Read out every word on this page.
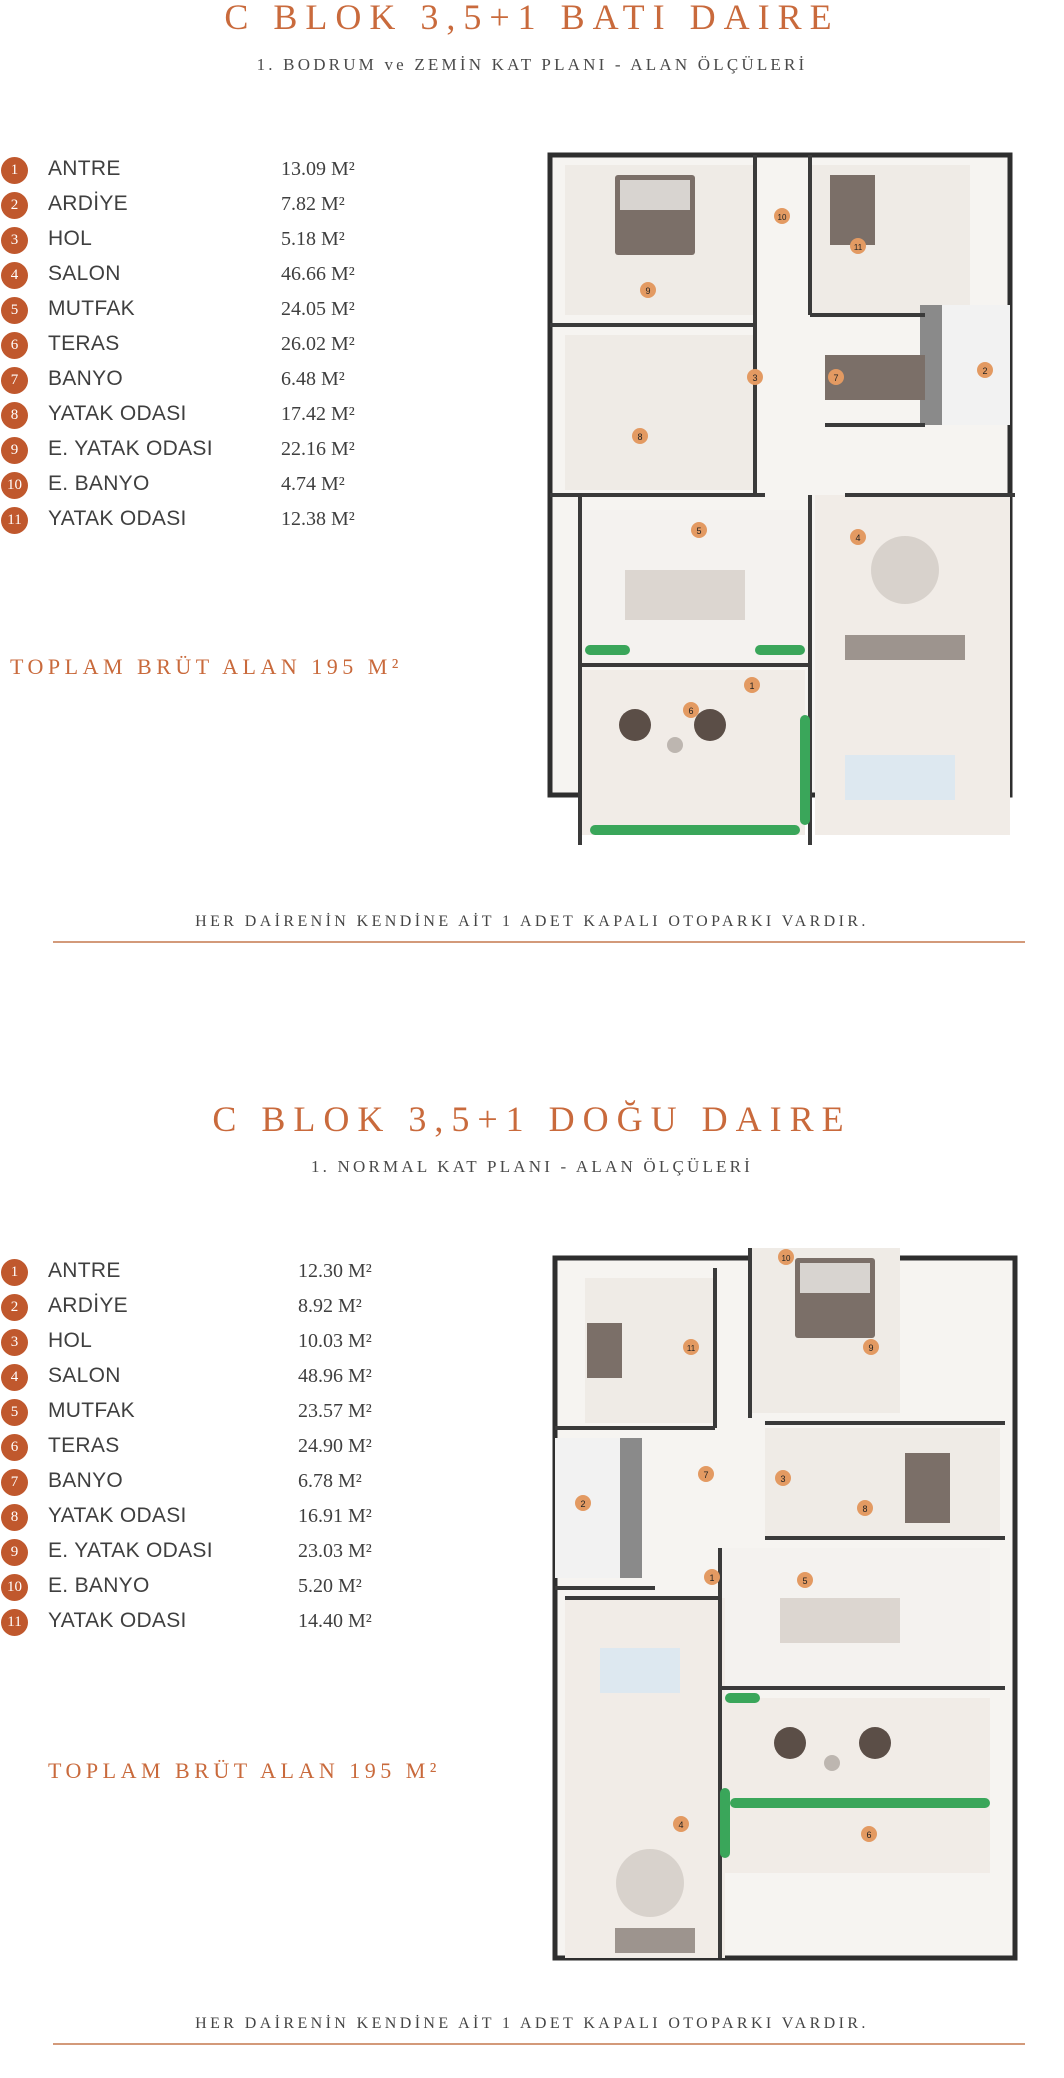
C BLOK 3,5+1 BATI DAIRE
1. BODRUM ve ZEMİN KAT PLANI - ALAN ÖLÇÜLERİ
1	ANTRE	13.09 M²
2	ARDİYE	7.82 M²
3	HOL	5.18 M²
4	SALON	46.66 M²
5	MUTFAK	24.05 M²
6	TERAS	26.02 M²
7	BANYO	6.48 M²
8	YATAK ODASI	17.42 M²
9	E. YATAK ODASI	22.16 M²
10 E. BANYO	4.74 M²
11 YATAK ODASI	12.38 M²
TOPLAM BRÜT ALAN 195 M²
1
2
3
4
5
6
7
8
9
10
11
HER DAİRENİN KENDİNE AİT 1 ADET KAPALI OTOPARKI VARDIR.
C BLOK 3,5+1 DOĞU DAIRE
1. NORMAL KAT PLANI - ALAN ÖLÇÜLERİ
1	ANTRE	12.30 M²
2	ARDİYE	8.92 M²
3	HOL	10.03 M²
4	SALON	48.96 M²
5	MUTFAK	23.57 M²
6	TERAS	24.90 M²
7	BANYO	6.78 M²
8	YATAK ODASI	16.91 M²
9	E. YATAK ODASI	23.03 M²
10 E. BANYO	5.20 M²
11 YATAK ODASI	14.40 M²
TOPLAM BRÜT ALAN 195 M²
1
2
3
4
5
6
7
8
9
10
11
HER DAİRENİN KENDİNE AİT 1 ADET KAPALI OTOPARKI VARDIR.
